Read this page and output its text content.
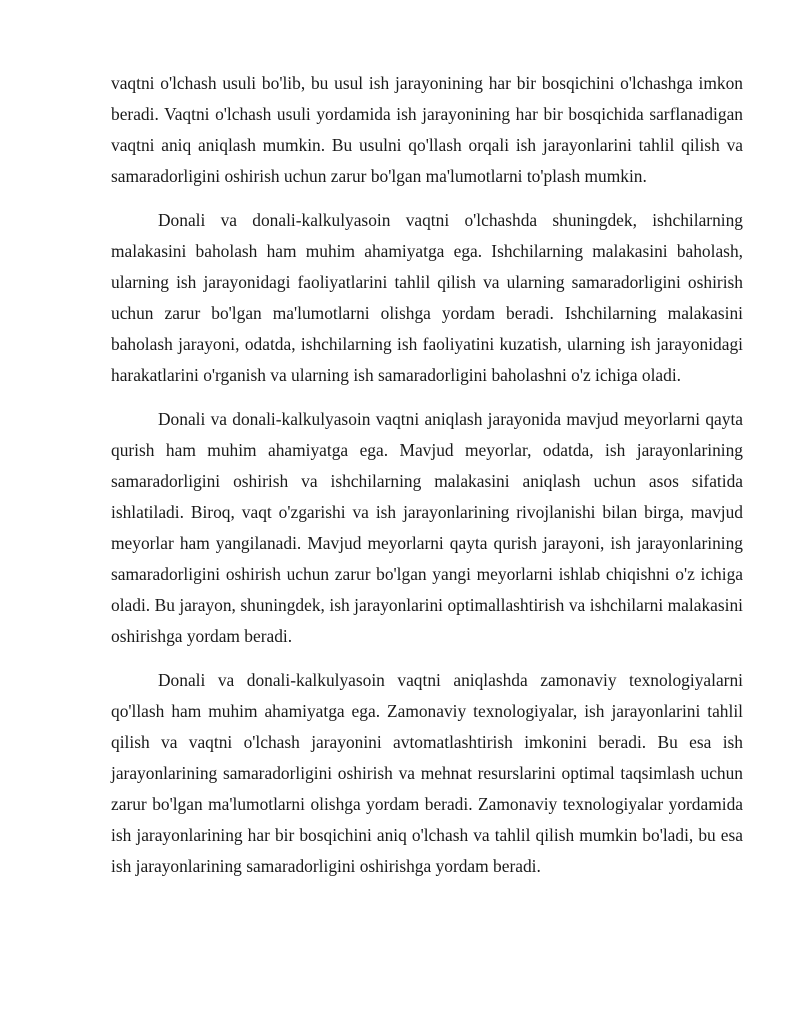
vaqtni o'lchash usuli bo'lib, bu usul ish jarayonining har bir bosqichini o'lchashga imkon beradi. Vaqtni o'lchash usuli yordamida ish jarayonining har bir bosqichida sarflanadigan vaqtni aniq aniqlash mumkin. Bu usulni qo'llash orqali ish jarayonlarini tahlil qilish va samaradorligini oshirish uchun zarur bo'lgan ma'lumotlarni to'plash mumkin.

Donali va donali-kalkulyasoin vaqtni o'lchashda shuningdek, ishchilarning malakasini baholash ham muhim ahamiyatga ega. Ishchilarning malakasini baholash, ularning ish jarayonidagi faoliyatlarini tahlil qilish va ularning samaradorligini oshirish uchun zarur bo'lgan ma'lumotlarni olishga yordam beradi. Ishchilarning malakasini baholash jarayoni, odatda, ishchilarning ish faoliyatini kuzatish, ularning ish jarayonidagi harakatlarini o'rganish va ularning ish samaradorligini baholashni o'z ichiga oladi.

Donali va donali-kalkulyasoin vaqtni aniqlash jarayonida mavjud meyorlarni qayta qurish ham muhim ahamiyatga ega. Mavjud meyorlar, odatda, ish jarayonlarining samaradorligini oshirish va ishchilarning malakasini aniqlash uchun asos sifatida ishlatiladi. Biroq, vaqt o'zgarishi va ish jarayonlarining rivojlanishi bilan birga, mavjud meyorlar ham yangilanadi. Mavjud meyorlarni qayta qurish jarayoni, ish jarayonlarining samaradorligini oshirish uchun zarur bo'lgan yangi meyorlarni ishlab chiqishni o'z ichiga oladi. Bu jarayon, shuningdek, ish jarayonlarini optimallashtirish va ishchilarni malakasini oshirishga yordam beradi.

Donali va donali-kalkulyasoin vaqtni aniqlashda zamonaviy texnologiyalarni qo'llash ham muhim ahamiyatga ega. Zamonaviy texnologiyalar, ish jarayonlarini tahlil qilish va vaqtni o'lchash jarayonini avtomatlashtirish imkonini beradi. Bu esa ish jarayonlarining samaradorligini oshirish va mehnat resurslarini optimal taqsimlash uchun zarur bo'lgan ma'lumotlarni olishga yordam beradi. Zamonaviy texnologiyalar yordamida ish jarayonlarining har bir bosqichini aniq o'lchash va tahlil qilish mumkin bo'ladi, bu esa ish jarayonlarining samaradorligini oshirishga yordam beradi.
